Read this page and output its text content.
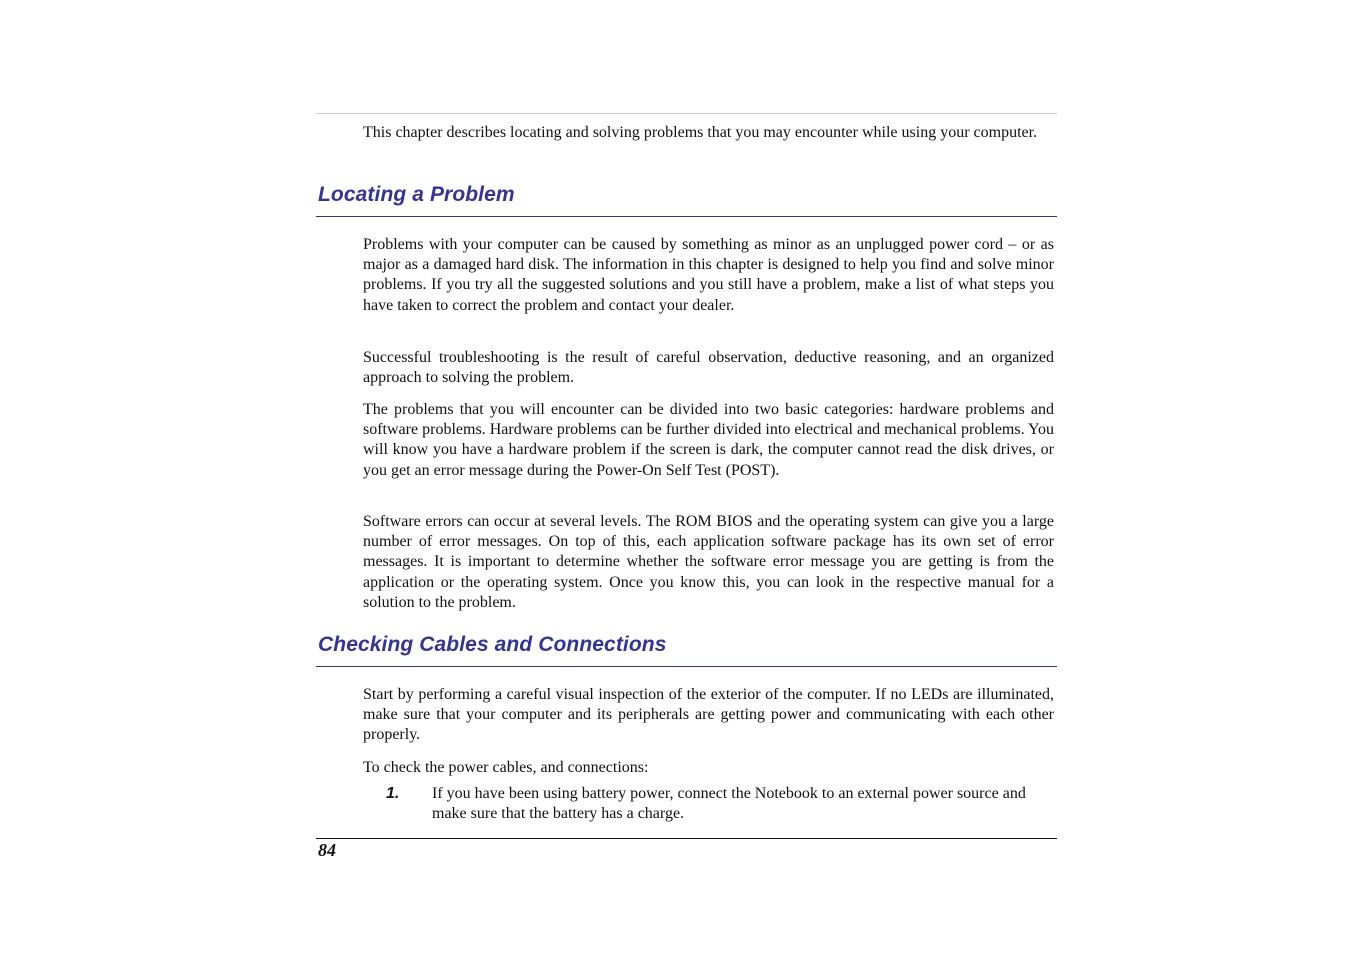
This chapter describes locating and solving problems that you may encounter while using your computer.

Locating a Problem

Problems with your computer can be caused by something as minor as an unplugged power cord – or as major as a damaged hard disk. The information in this chapter is designed to help you find and solve minor problems. If you try all the suggested solutions and you still have a problem, make a list of what steps you have taken to correct the problem and contact your dealer.

Successful troubleshooting is the result of careful observation, deductive reasoning, and an organized approach to solving the problem.

The problems that you will encounter can be divided into two basic categories: hardware problems and software problems. Hardware problems can be further divided into electrical and mechanical problems. You will know you have a hardware problem if the screen is dark, the computer cannot read the disk drives, or you get an error message during the Power-On Self Test (POST).

Software errors can occur at several levels. The ROM BIOS and the operating system can give you a large number of error messages. On top of this, each application software package has its own set of error messages. It is important to determine whether the software error message you are getting is from the application or the operating system. Once you know this, you can look in the respective manual for a solution to the problem.

Checking Cables and Connections

Start by performing a careful visual inspection of the exterior of the computer. If no LEDs are illuminated, make sure that your computer and its peripherals are getting power and communicating with each other properly.

To check the power cables, and connections:

1. If you have been using battery power, connect the Notebook to an external power source and make sure that the battery has a charge.

84
